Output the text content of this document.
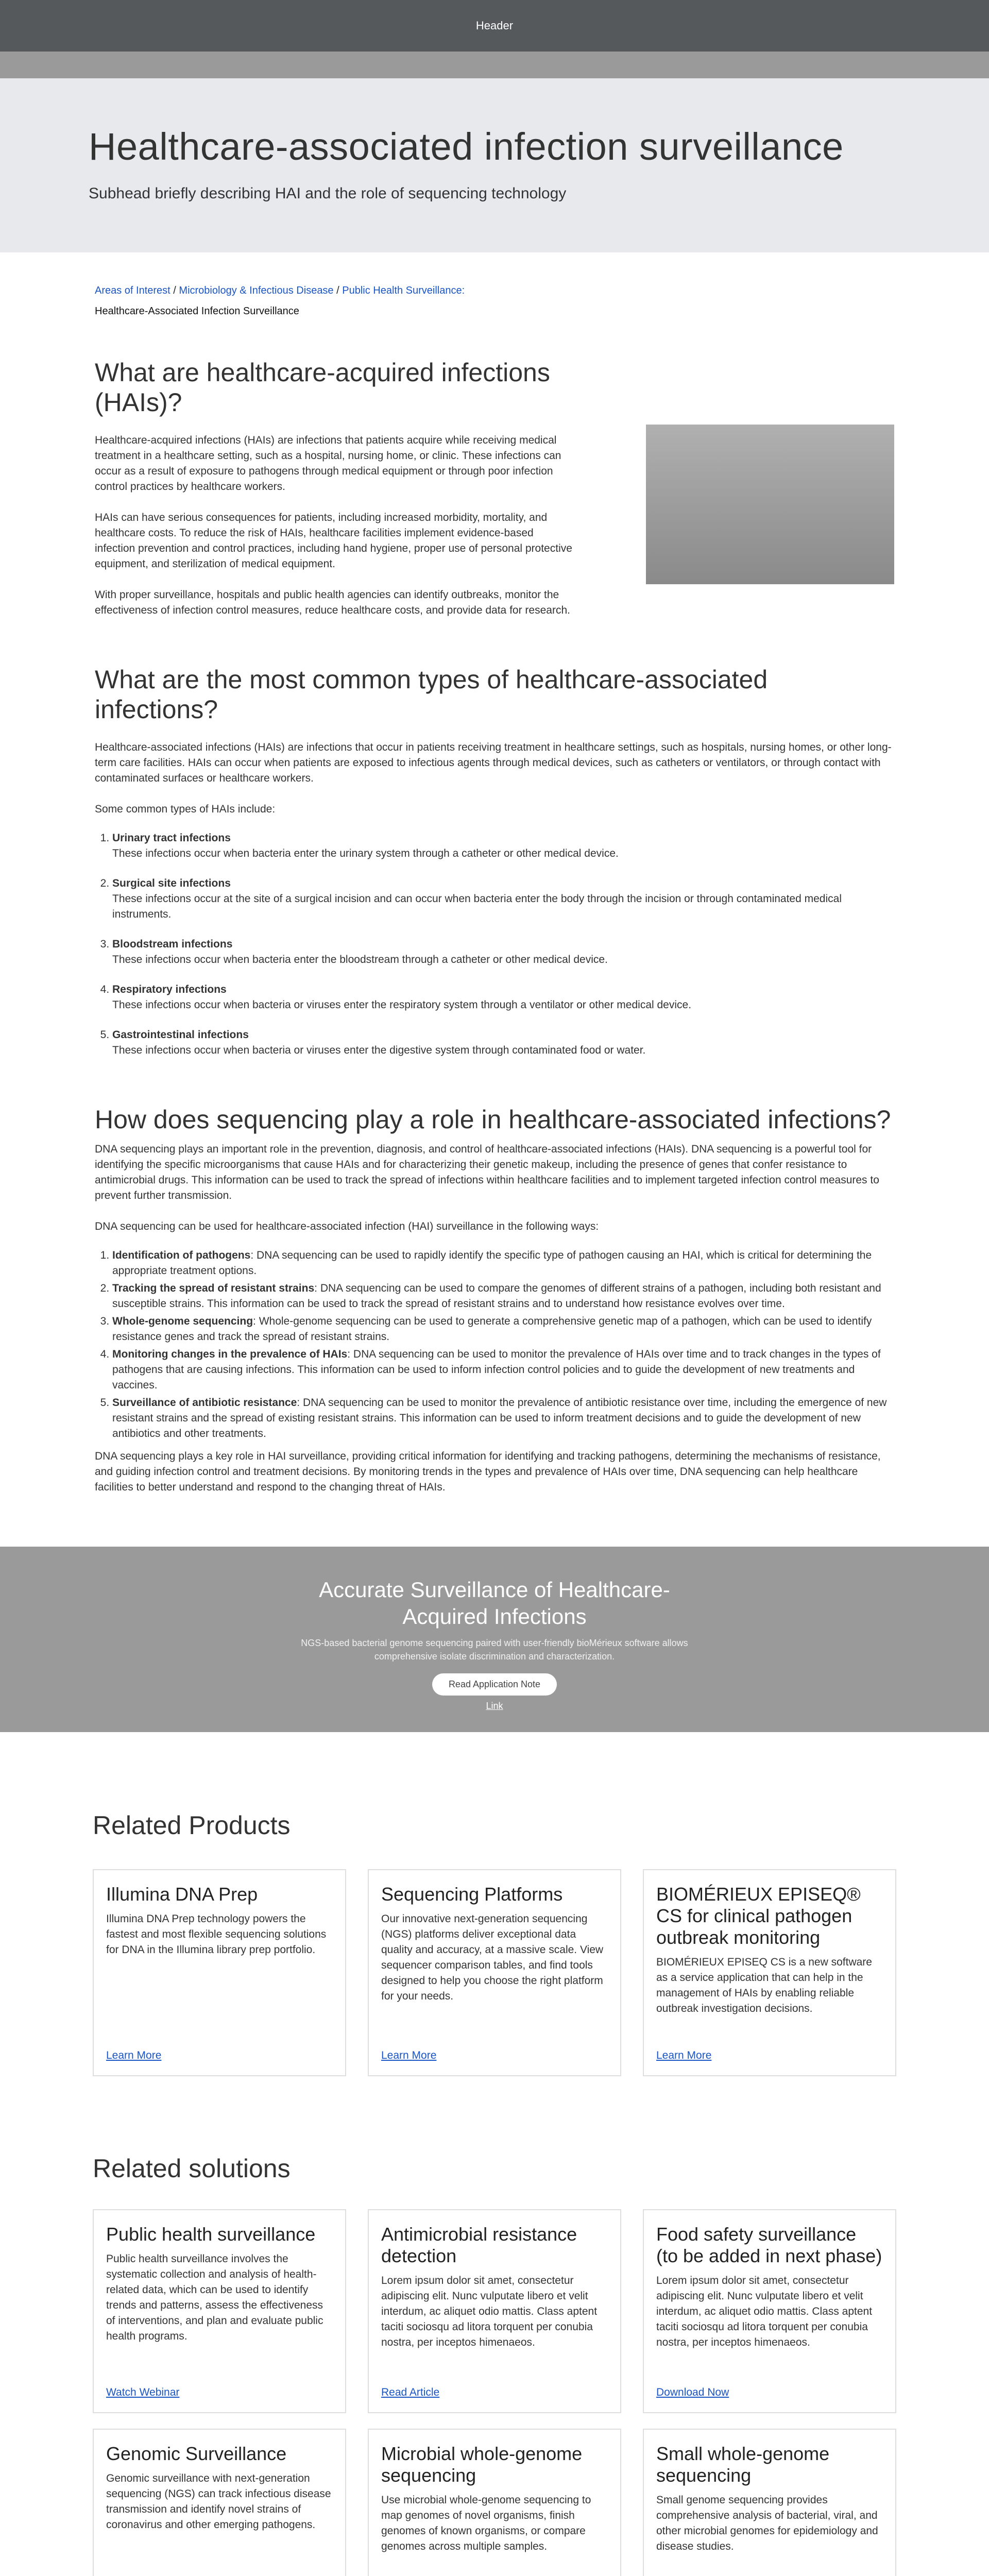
Header
Healthcare-associated infection surveillance

Subhead briefly describing HAI and the role of sequencing technology

Areas of Interest / Microbiology & Infectious Disease / Public Health Surveillance:
Healthcare-Associated Infection Surveillance
What are healthcare-acquired infections (HAIs)?

Healthcare-acquired infections (HAIs) are infections that patients acquire while receiving medical treatment in a healthcare setting, such as a hospital, nursing home, or clinic. These infections can occur as a result of exposure to pathogens through medical equipment or through poor infection control practices by healthcare workers.

HAIs can have serious consequences for patients, including increased morbidity, mortality, and healthcare costs. To reduce the risk of HAIs, healthcare facilities implement evidence-based infection prevention and control practices, including hand hygiene, proper use of personal protective equipment, and sterilization of medical equipment.

With proper surveillance, hospitals and public health agencies can identify outbreaks, monitor the effectiveness of infection control measures, reduce healthcare costs, and provide data for research.

What are the most common types of healthcare-associated infections?

Healthcare-associated infections (HAIs) are infections that occur in patients receiving treatment in healthcare settings, such as hospitals, nursing homes, or other long-term care facilities. HAIs can occur when patients are exposed to infectious agents through medical devices, such as catheters or ventilators, or through contact with contaminated surfaces or healthcare workers.

Some common types of HAIs include:

1. Urinary tract infections
These infections occur when bacteria enter the urinary system through a catheter or other medical device.
2. Surgical site infections
These infections occur at the site of a surgical incision and can occur when bacteria enter the body through the incision or through contaminated medical instruments.
3. Bloodstream infections
These infections occur when bacteria enter the bloodstream through a catheter or other medical device.
4. Respiratory infections
These infections occur when bacteria or viruses enter the respiratory system through a ventilator or other medical device.
5. Gastrointestinal infections
These infections occur when bacteria or viruses enter the digestive system through contaminated food or water.
How does sequencing play a role in healthcare-associated infections?

DNA sequencing plays an important role in the prevention, diagnosis, and control of healthcare-associated infections (HAIs). DNA sequencing is a powerful tool for identifying the specific microorganisms that cause HAIs and for characterizing their genetic makeup, including the presence of genes that confer resistance to antimicrobial drugs. This information can be used to track the spread of infections within healthcare facilities and to implement targeted infection control measures to prevent further transmission.

DNA sequencing can be used for healthcare-associated infection (HAI) surveillance in the following ways:

1. Identification of pathogens: DNA sequencing can be used to rapidly identify the specific type of pathogen causing an HAI, which is critical for determining the appropriate treatment options.
2. Tracking the spread of resistant strains: DNA sequencing can be used to compare the genomes of different strains of a pathogen, including both resistant and susceptible strains. This information can be used to track the spread of resistant strains and to understand how resistance evolves over time.
3. Whole-genome sequencing: Whole-genome sequencing can be used to generate a comprehensive genetic map of a pathogen, which can be used to identify resistance genes and track the spread of resistant strains.
4. Monitoring changes in the prevalence of HAIs: DNA sequencing can be used to monitor the prevalence of HAIs over time and to track changes in the types of pathogens that are causing infections. This information can be used to inform infection control policies and to guide the development of new treatments and vaccines.
5. Surveillance of antibiotic resistance: DNA sequencing can be used to monitor the prevalence of antibiotic resistance over time, including the emergence of new resistant strains and the spread of existing resistant strains. This information can be used to inform treatment decisions and to guide the development of new antibiotics and other treatments.

DNA sequencing plays a key role in HAI surveillance, providing critical information for identifying and tracking pathogens, determining the mechanisms of resistance, and guiding infection control and treatment decisions. By monitoring trends in the types and prevalence of HAIs over time, DNA sequencing can help healthcare facilities to better understand and respond to the changing threat of HAIs.

Accurate Surveillance of Healthcare-Acquired Infections

NGS-based bacterial genome sequencing paired with user-friendly bioMérieux software allows comprehensive isolate discrimination and characterization.

Read Application Note
Link
Related Products
Illumina DNA Prep

Illumina DNA Prep technology powers the fastest and most flexible sequencing solutions for DNA in the Illumina library prep portfolio.

Learn More
Sequencing Platforms

Our innovative next-generation sequencing (NGS) platforms deliver exceptional data quality and accuracy, at a massive scale. View sequencer comparison tables, and find tools designed to help you choose the right platform for your needs.

Learn More
BIOMÉRIEUX EPISEQ® CS for clinical pathogen outbreak monitoring

BIOMÉRIEUX EPISEQ CS is a new software as a service application that can help in the management of HAIs by enabling reliable outbreak investigation decisions.

Learn More
Related solutions
Public health surveillance

Public health surveillance involves the systematic collection and analysis of health-related data, which can be used to identify trends and patterns, assess the effectiveness of interventions, and plan and evaluate public health programs.

Watch Webinar
Antimicrobial resistance detection

Lorem ipsum dolor sit amet, consectetur adipiscing elit. Nunc vulputate libero et velit interdum, ac aliquet odio mattis. Class aptent taciti sociosqu ad litora torquent per conubia nostra, per inceptos himenaeos.

Read Article
Food safety surveillance (to be added in next phase)

Lorem ipsum dolor sit amet, consectetur adipiscing elit. Nunc vulputate libero et velit interdum, ac aliquet odio mattis. Class aptent taciti sociosqu ad litora torquent per conubia nostra, per inceptos himenaeos.

Download Now
Genomic Surveillance

Genomic surveillance with next-generation sequencing (NGS) can track infectious disease transmission and identify novel strains of coronavirus and other emerging pathogens.

Microbial whole-genome sequencing

Use microbial whole-genome sequencing to map genomes of novel organisms, finish genomes of known organisms, or compare genomes across multiple samples.

Small whole-genome sequencing

Small genome sequencing provides comprehensive analysis of bacterial, viral, and other microbial genomes for epidemiology and disease studies.
